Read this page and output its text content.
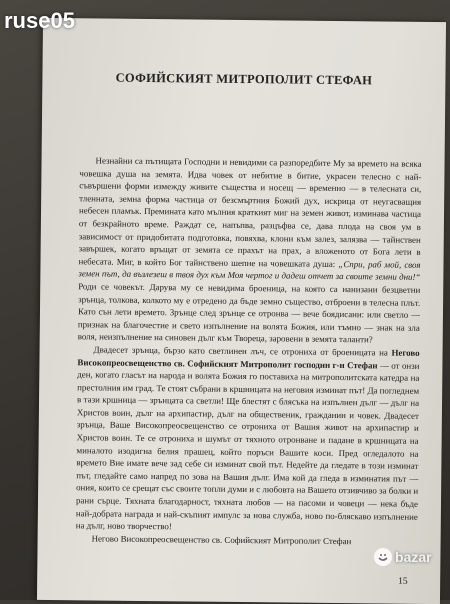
СОФИЙСКИЯТ МИТРОПОЛИТ СТЕФАН

Незнайни са пътищата Господни и невидими са разпоредбите Му за времето на всяка човешка душа на земята. Идва човек от небитие в битие, украсен телесно с най-съвършени форми измежду живите същества и носещ — временно — в телесната си, тленната, земна форма частица от безсмъртния Божий дух, искрица от неугасващия небесен пламък. Премината като мълния краткият миг на земен живот, изминава частица от безкрайното време. Раждат се, напъпва, разцъфва се, дава плода на своя ум в зависимост от придобитата подготовка, повяхва, клони към залез, залязва — тайнствен завършек, когато връщат от земята се прахът на прах, а вложеното от Бога лети в небесата. Миг, в който Бог тайнствено шепне на човешката душа: „Спри, раб мой, своя земен път, да възлезеш в твоя дух към Моя чертог и дадеш отчет за своите земни дни!“ Роди се човекът. Дарува му се невидима броеница, на която са нанизани безцветни зрънца, толкова, колкото му е отредено да бъде земно същество, отброени в телесна плът. Като сън лети времето. Зрънце след зрънце се отронва — вече боядисани: или светло — признак на благочестие и свето изпълнение на волята Божия, или тъмно — знак на зла воля, неизпълнение на синовен дълг към Твореца, заровени в земята таланти?

Двадесет зрънца, бързо като светлинен лъч, се отрониха от броеницата на Негово Високопреосвещенство св. Софийският Митрополит господин г-н Стефан — от онзи ден, когато гласът на народа и волята Божия го поставиха на митрополитската катедра на престолния им град. Те стоят събрани в кршницата на неговия изминат път! Да погледнем в тази кршница — зрънцата са светли! Ще блестят с блясъка на изпълнен дълг — дълг на Христов воин, дълг на архипастир, дълг на общественик, гражданин и човек. Двадесет зрънца, Ваше Високопреосвещенство се отрониха от Вашия живот на архипастир и Христов воин. Те се отрониха и шумът от тяхното отронване и падане в кршницата на миналото изодигна белия прашец, който поръси Вашите коси. Пред огледалото на времето Вие имате вече зад себе си изминат свой път. Недейте да гледате в този изминат път, гледайте само напред по зова на Вашия дълг. Има кой да гледа в изминатия път — ония, които се срещат със своите топли думи и с любовта на Вашето отзивчиво за болки и рани сърце. Тяхната благодарност, тяхната любов — на пасоми и човеци — нека бъде най-добрата награда и най-скъпият импулс за нова служба, ново по-бляскаво изпълнение на дълг, ново творчество!

Негово Високопреосвещенство св. Софийският Митрополит Стефан

15
ruse05
bazar
